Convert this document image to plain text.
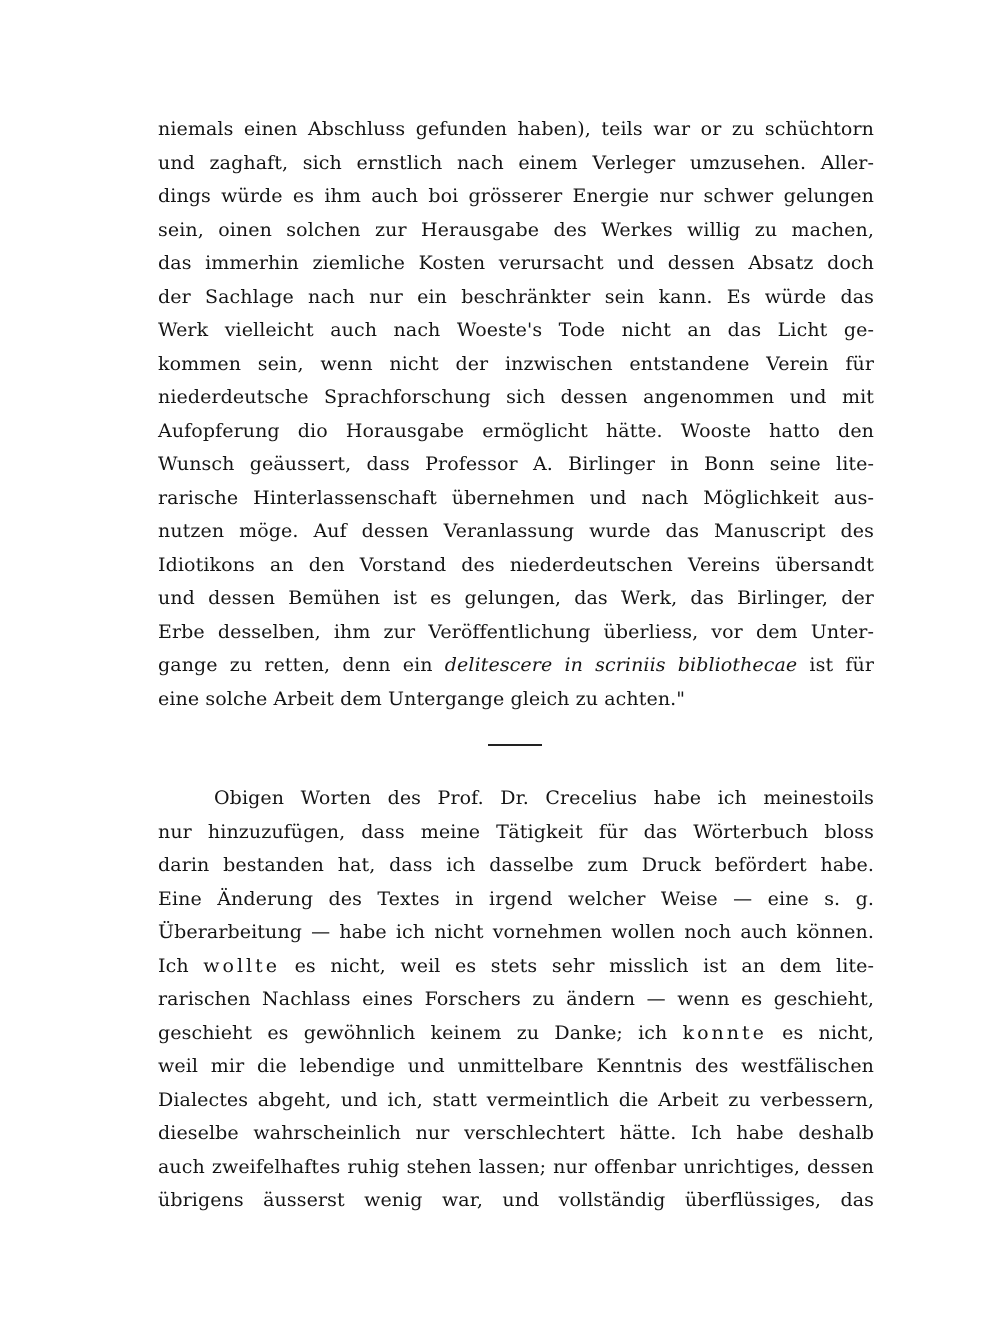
niemals einen Abschluss gefunden haben), teils war or zu schüchtorn
und zaghaft, sich ernstlich nach einem Verleger umzusehen. Aller-
dings würde es ihm auch boi grösserer Energie nur schwer gelungen
sein, oinen solchen zur Herausgabe des Werkes willig zu machen,
das immerhin ziemliche Kosten verursacht und dessen Absatz doch
der Sachlage nach nur ein beschränkter sein kann. Es würde das
Werk vielleicht auch nach Woeste's Tode nicht an das Licht ge-
kommen sein, wenn nicht der inzwischen entstandene Verein für
niederdeutsche Sprachforschung sich dessen angenommen und mit
Aufopferung dio Horausgabe ermöglicht hätte. Wooste hatto den
Wunsch geäussert, dass Professor A. Birlinger in Bonn seine lite-
rarische Hinterlassenschaft übernehmen und nach Möglichkeit aus-
nutzen möge. Auf dessen Veranlassung wurde das Manuscript des
Idiotikons an den Vorstand des niederdeutschen Vereins übersandt
und dessen Bemühen ist es gelungen, das Werk, das Birlinger, der
Erbe desselben, ihm zur Veröffentlichung überliess, vor dem Unter-
gange zu retten, denn ein delitescere in scriniis bibliothecae ist für
eine solche Arbeit dem Untergange gleich zu achten."
Obigen Worten des Prof. Dr. Crecelius habe ich meinestoils
nur hinzuzufügen, dass meine Tätigkeit für das Wörterbuch bloss
darin bestanden hat, dass ich dasselbe zum Druck befördert habe.
Eine Änderung des Textes in irgend welcher Weise — eine s. g.
Überarbeitung — habe ich nicht vornehmen wollen noch auch können.
Ich wollte es nicht, weil es stets sehr misslich ist an dem lite-
rarischen Nachlass eines Forschers zu ändern — wenn es geschieht,
geschieht es gewöhnlich keinem zu Danke; ich konnte es nicht,
weil mir die lebendige und unmittelbare Kenntnis des westfälischen
Dialectes abgeht, und ich, statt vermeintlich die Arbeit zu verbessern,
dieselbe wahrscheinlich nur verschlechtert hätte. Ich habe deshalb
auch zweifelhaftes ruhig stehen lassen; nur offenbar unrichtiges, dessen
übrigens äusserst wenig war, und vollständig überflüssiges, das
